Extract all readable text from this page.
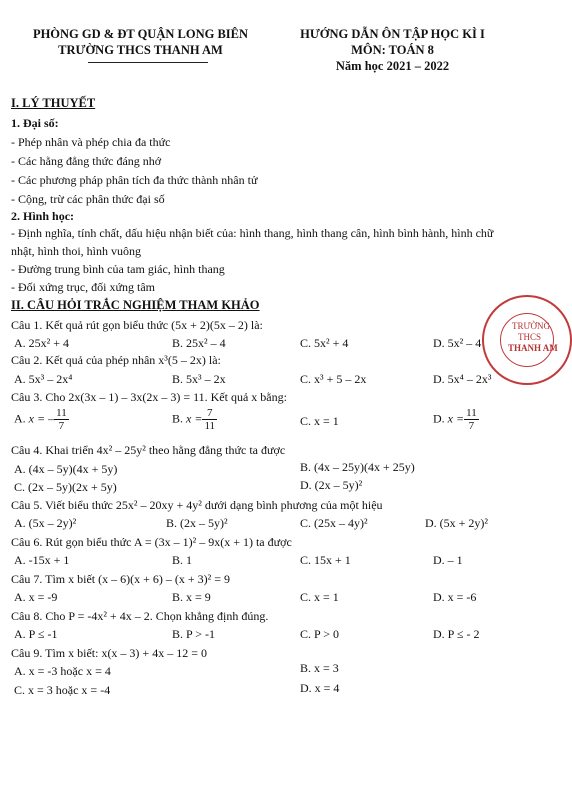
PHÒNG GD & ĐT QUẬN LONG BIÊN
TRƯỜNG THCS THANH AM
HƯỚNG DẪN ÔN TẬP HỌC KÌ I
MÔN: TOÁN 8
Năm học 2021 – 2022
I. LÝ THUYẾT
1. Đại số:
- Phép nhân và phép chia đa thức
- Các hằng đẳng thức đáng nhớ
- Các phương pháp phân tích đa thức thành nhân tử
- Cộng, trừ các phân thức đại số
2. Hình học:
- Định nghĩa, tính chất, dấu hiệu nhận biết của: hình thang, hình thang cân, hình bình hành, hình chữ
nhật, hình thoi, hình vuông
- Đường trung bình của tam giác, hình thang
- Đối xứng trục, đối xứng tâm
II. CÂU HỎI TRẮC NGHIỆM THAM KHẢO
Câu 1. Kết quả rút gọn biểu thức (5x + 2)(5x – 2) là:
A. 25x² + 4	B. 25x² – 4	C. 5x² + 4	D. 5x² – 4
Câu 2. Kết quả của phép nhân x³(5 – 2x) là:
A. 5x³ – 2x⁴	B. 5x³ – 2x	C. x³ + 5 – 2x	D. 5x⁴ – 2x³
Câu 3. Cho 2x(3x – 1) – 3x(2x – 3) = 11. Kết quả x bằng:
A. x = – $\frac{11}{7}$	B. $x = \frac{7}{11}$	C. x = 1	D. $x = \frac{11}{7}$
Câu 4. Khai triển 4x² – 25y² theo hằng đẳng thức ta được
A. (4x – 5y)(4x + 5y)	B. (4x – 25y)(4x + 25y)
C. (2x – 5y)(2x + 5y)	D. (2x – 5y)²
Câu 5. Viết biểu thức 25x² – 20xy + 4y² dưới dạng bình phương của một hiệu
A. (5x – 2y)²	B. (2x – 5y)²	C. (25x – 4y)²	D. (5x + 2y)²
Câu 6. Rút gọn biểu thức A = (3x – 1)² – 9x(x + 1) ta được
A. -15x + 1	B. 1	C. 15x + 1	D. – 1
Câu 7. Tìm x biết (x – 6)(x + 6) – (x + 3)² = 9
A. x = -9	B. x = 9	C. x = 1	D. x = -6
Câu 8. Cho P = -4x² + 4x – 2. Chọn khẳng định đúng.
A. P ≤ -1	B. P > -1	C. P > 0	D. P ≤ - 2
Câu 9. Tìm x biết: x(x – 3) + 4x – 12 = 0
A. x = -3 hoặc x = 4	B. x = 3
C. x = 3 hoặc x = -4	D. x = 4
TRƯỜNG
THCS
THANH AM
